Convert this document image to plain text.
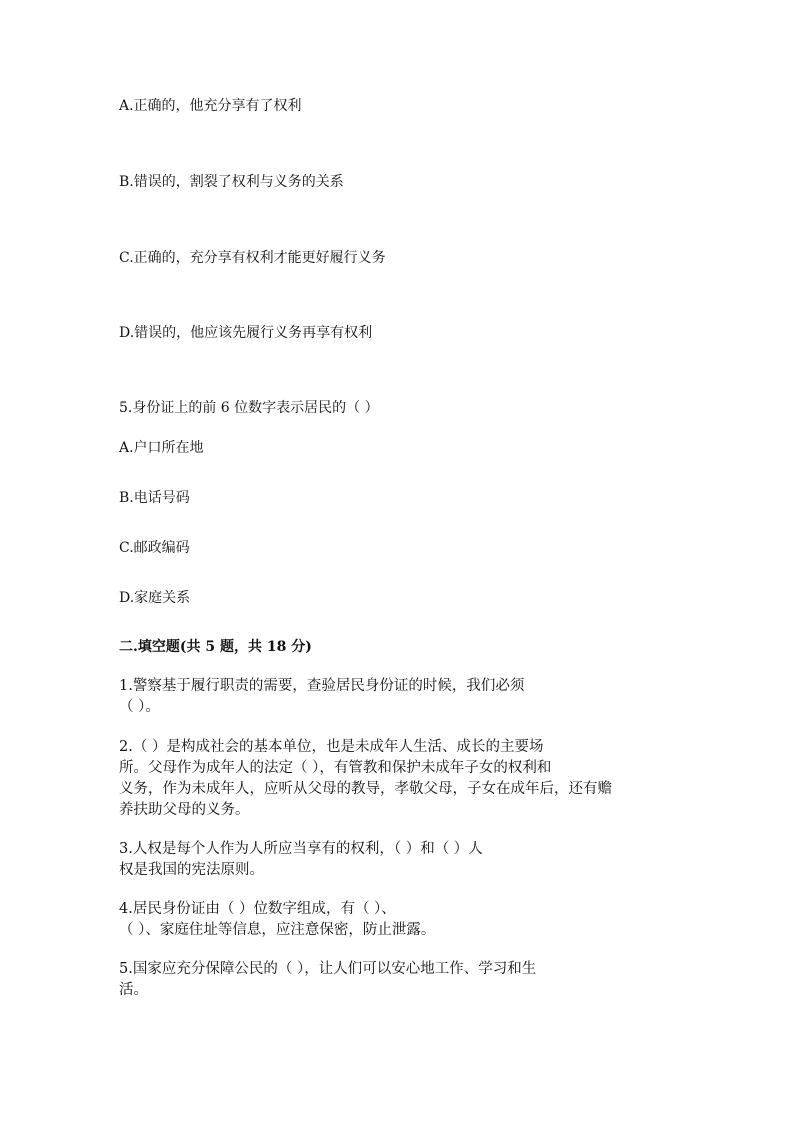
A.正确的，他充分享有了权利
B.错误的，割裂了权利与义务的关系
C.正确的，充分享有权利才能更好履行义务
D.错误的，他应该先履行义务再享有权利
5.身份证上的前 6 位数字表示居民的（ ）
A.户口所在地
B.电话号码
C.邮政编码
D.家庭关系
二.填空题(共 5 题，共 18 分)
1.警察基于履行职责的需要，查验居民身份证的时候，我们必须
（ ）。
2.（ ）是构成社会的基本单位，也是未成年人生活、成长的主要场
所。父母作为成年人的法定（ ），有管教和保护未成年子女的权利和
义务，作为未成年人，应听从父母的教导，孝敬父母，子女在成年后，还有赡
养扶助父母的义务。
3.人权是每个人作为人所应当享有的权利，（ ）和（ ）人
权是我国的宪法原则。
4.居民身份证由（ ）位数字组成，有（ ）、
（ ）、家庭住址等信息，应注意保密，防止泄露。
5.国家应充分保障公民的（ ），让人们可以安心地工作、学习和生
活。
